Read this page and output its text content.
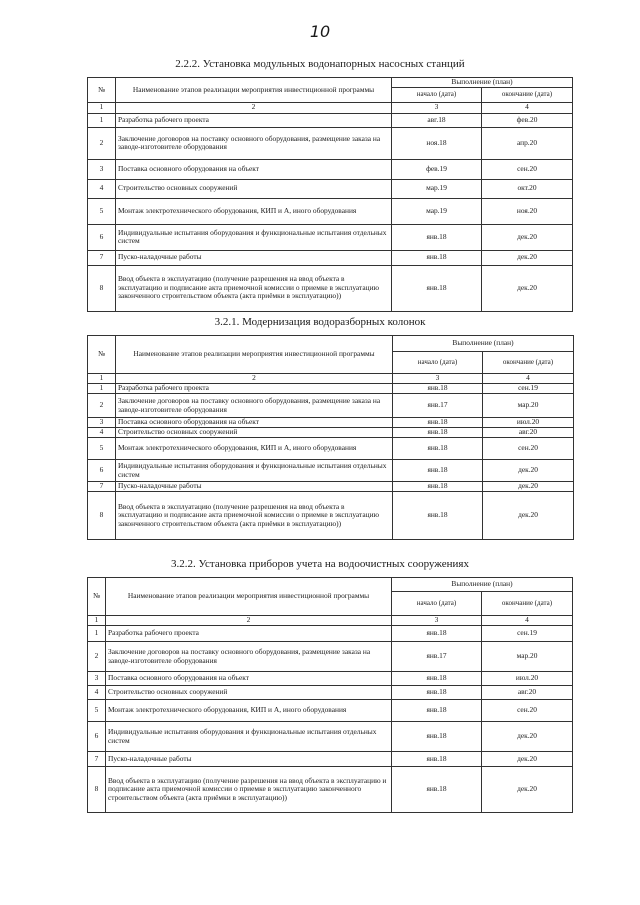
10
2.2.2. Установка модульных водонапорных насосных станций
№	Наименование этапов реализации мероприятия инвестиционной программы	Выполнение (план)	
		начало (дата)	окончание (дата)
1	2	3	4
1	Разработка рабочего проекта	авг.18	фев.20
2	Заключение договоров на поставку основного оборудования, размещение заказа на заводе-изготовителе оборудования	ноя.18	апр.20
3	Поставка основного оборудования на объект	фев.19	сен.20
4	Строительство основных сооружений	мар.19	окт.20
5	Монтаж электротехнического оборудования, КИП и А, иного оборудования	мар.19	ноя.20
6	Индивидуальные испытания оборудования и функциональные испытания отдельных систем	янв.18	дек.20
7	Пуско-наладочные работы	янв.18	дек.20
8	Ввод объекта в эксплуатацию (получение разрешения на ввод объекта в эксплуатацию и подписание акта приемочной комиссии о приемке в эксплуатацию законченного строительством объекта (акта приёмки в эксплуатацию))	янв.18	дек.20
3.2.1. Модернизация водоразборных колонок
№	Наименование этапов реализации мероприятия инвестиционной программы	Выполнение (план)	
		начало (дата)	окончание (дата)
1	2	3	4
1	Разработка рабочего проекта	янв.18	сен.19
2	Заключение договоров на поставку основного оборудования, размещение заказа на заводе-изготовителе оборудования	янв.17	мар.20
3	Поставка основного оборудования на объект	янв.18	июл.20
4	Строительство основных сооружений	янв.18	авг.20
5	Монтаж электротехнического оборудования, КИП и А, иного оборудования	янв.18	сен.20
6	Индивидуальные испытания оборудования и функциональные испытания отдельных систем	янв.18	дек.20
7	Пуско-наладочные работы	янв.18	дек.20
8	Ввод объекта в эксплуатацию (получение разрешения на ввод объекта в эксплуатацию и подписание акта приемочной комиссии о приемке в эксплуатацию законченного строительством объекта (акта приёмки в эксплуатацию))	янв.18	дек.20
3.2.2. Установка приборов учета на водоочистных сооружениях
№	Наименование этапов реализации мероприятия инвестиционной программы	Выполнение (план)	
		начало (дата)	окончание (дата)
1	2	3	4
1	Разработка рабочего проекта	янв.18	сен.19
2	Заключение договоров на поставку основного оборудования, размещение заказа на заводе-изготовителе оборудования	янв.17	мар.20
3	Поставка основного оборудования на объект	янв.18	июл.20
4	Строительство основных сооружений	янв.18	авг.20
5	Монтаж электротехнического оборудования, КИП и А, иного оборудования	янв.18	сен.20
6	Индивидуальные испытания оборудования и функциональные испытания отдельных систем	янв.18	дек.20
7	Пуско-наладочные работы	янв.18	дек.20
8	Ввод объекта в эксплуатацию (получение разрешения на ввод объекта в эксплуатацию и подписание акта приемочной комиссии о приемке в эксплуатацию законченного строительством объекта (акта приёмки в эксплуатацию))	янв.18	дек.20
